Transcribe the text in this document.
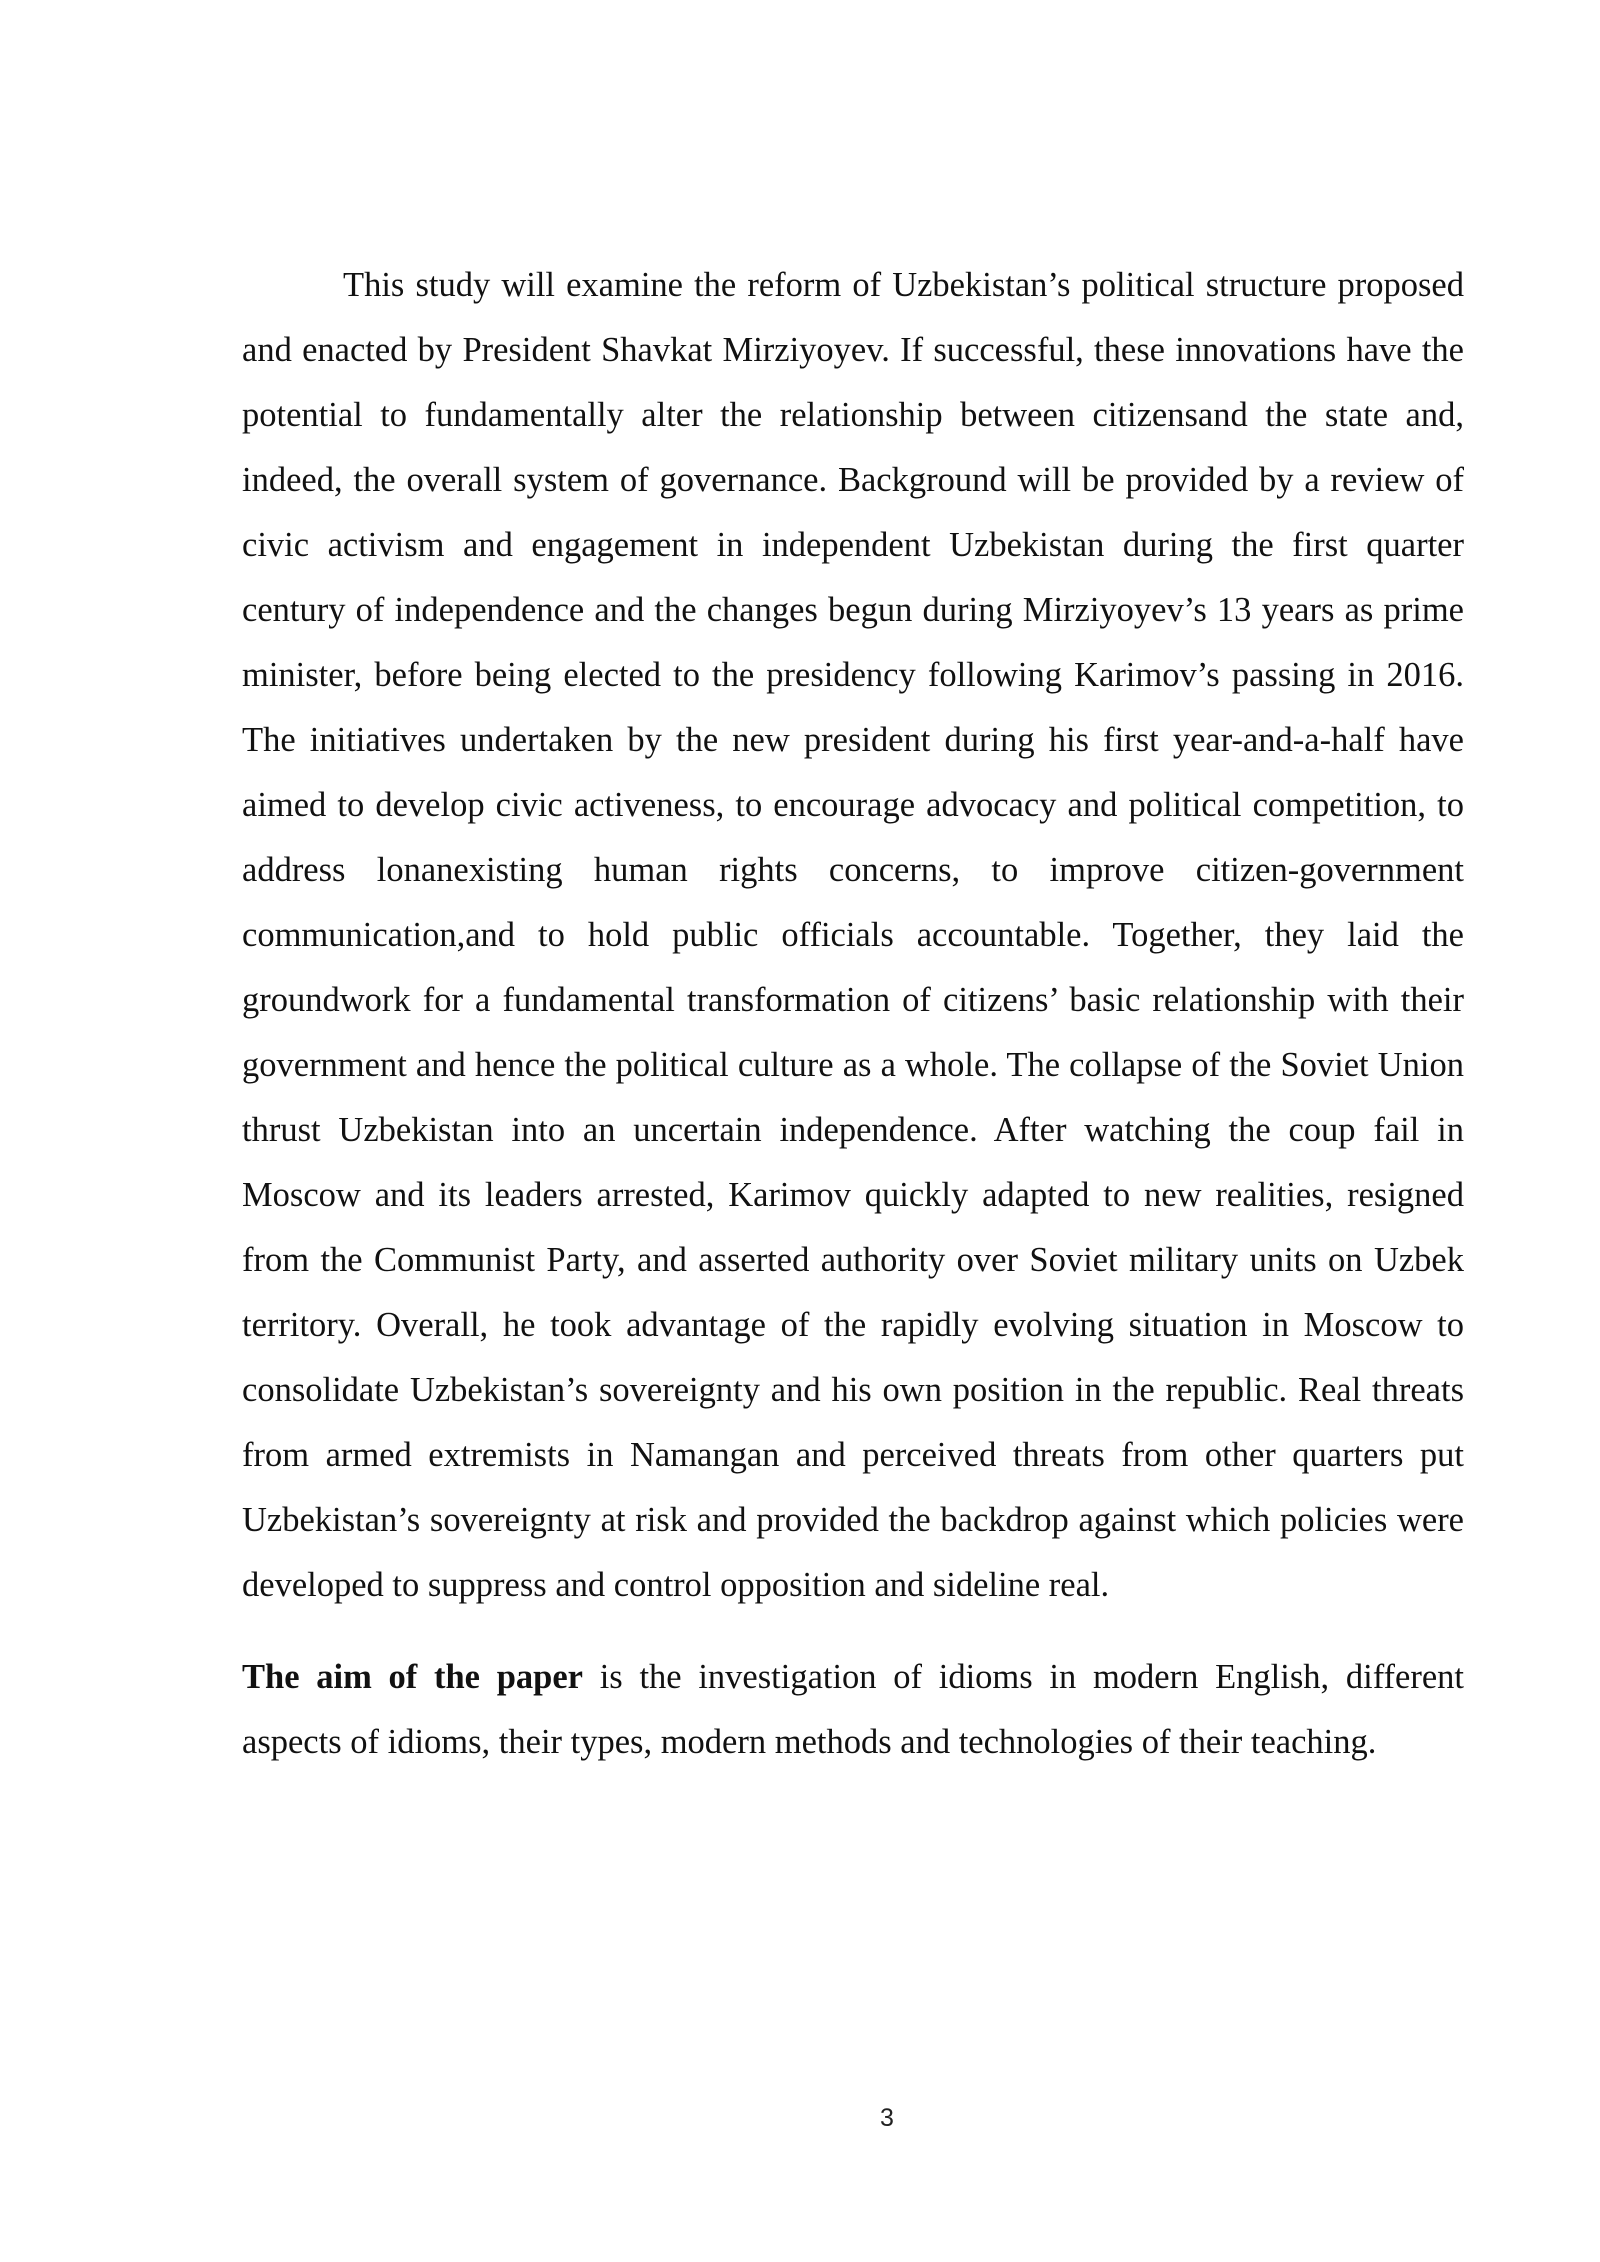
This study will examine the reform of Uzbekistan’s political structure proposed and enacted by President Shavkat Mirziyoyev. If successful, these innovations have the potential to fundamentally alter the relationship between citizensand the state and, indeed, the overall system of governance. Background will be provided by a review of civic activism and engagement in independent Uzbekistan during the first quarter century of independence and the changes begun during Mirziyoyev’s 13 years as prime minister, before being elected to the presidency following Karimov’s passing in 2016. The initiatives undertaken by the new president during his first year-and-a-half have aimed to develop civic activeness, to encourage advocacy and political competition, to address lonanexisting human rights concerns, to improve citizen-government communication,and to hold public officials accountable. Together, they laid the groundwork for a fundamental transformation of citizens’ basic relationship with their government and hence the political culture as a whole. The collapse of the Soviet Union thrust Uzbekistan into an uncertain independence. After watching the coup fail in Moscow and its leaders arrested, Karimov quickly adapted to new realities, resigned from the Communist Party, and asserted authority over Soviet military units on Uzbek territory. Overall, he took advantage of the rapidly evolving situation in Moscow to consolidate Uzbekistan’s sovereignty and his own position in the republic. Real threats from armed extremists in Namangan and perceived threats from other quarters put Uzbekistan’s sovereignty at risk and provided the backdrop against which policies were developed to suppress and control opposition and sideline real.

The aim of the paper is the investigation of idioms in modern English, different aspects of idioms, their types, modern methods and technologies of their teaching.

3
